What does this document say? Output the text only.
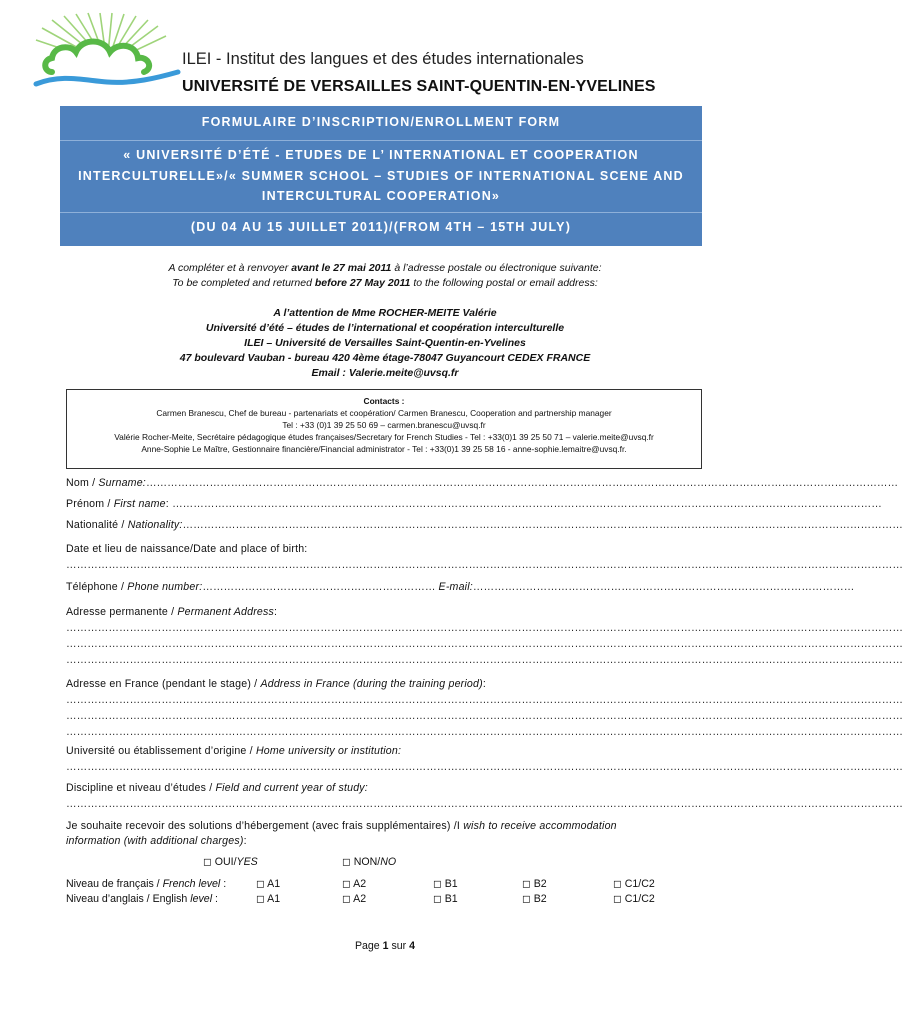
ILEI - Institut des langues et des études internationales
UNIVERSITÉ DE VERSAILLES SAINT-QUENTIN-EN-YVELINES
FORMULAIRE D’INSCRIPTION/ENROLLMENT FORM
« UNIVERSITÉ D’ÉTÉ - ETUDES DE L’ INTERNATIONAL ET COOPERATION
INTERCULTURELLE»/« SUMMER SCHOOL – STUDIES OF INTERNATIONAL SCENE AND
INTERCULTURAL COOPERATION»
(DU 04 AU 15 JUILLET 2011)/(FROM 4TH – 15TH JULY)
A compléter et à renvoyer avant le 27 mai 2011 à l’adresse postale ou électronique suivante:
To be completed and returned before 27 May 2011 to the following postal or email address:
A l’attention de Mme ROCHER-MEITE Valérie
Université d’été – études de l’international et coopération interculturelle
ILEI – Université de Versailles Saint-Quentin-en-Yvelines
47 boulevard Vauban - bureau 420 4ème étage-78047 Guyancourt CEDEX FRANCE
Email : Valerie.meite@uvsq.fr
Contacts :
Carmen Branescu, Chef de bureau - partenariats et coopération/ Carmen Branescu, Cooperation and partnership manager
Tel : +33 (0)1 39 25 50 69 – carmen.branescu@uvsq.fr
Valérie Rocher-Meite, Secrétaire pédagogique études françaises/Secretary for French Studies - Tel : +33(0)1 39 25 50 71 – valerie.meite@uvsq.fr
Anne-Sophie Le Maître, Gestionnaire financière/Financial administrator - Tel : +33(0)1 39 25 58 16 - anne-sophie.lemaitre@uvsq.fr.
Nom / Surname:……………………………………………………………………………………………………………………………………………………………………………………………
Prénom / First name: …………………………………………………………………………………………………………………………………………………………………………………
Nationalité / Nationality:……………………………………………………………………………………………………………………………………………………………………………………
Date et lieu de naissance/Date and place of birth:
…………………………………………………………………………………………………………………………………………………………………………………………………………………
Téléphone / Phone number:………………………………………………………… E-mail:………………………………………………………………………………………………
Adresse permanente / Permanent Address:
…………………………………………………………………………………………………………………………………………………………………………………………………………………
…………………………………………………………………………………………………………………………………………………………………………………………………………………
…………………………………………………………………………………………………………………………………………………………………………………………………………………
Adresse en France (pendant le stage) / Address in France (during the training period):
…………………………………………………………………………………………………………………………………………………………………………………………………………………
…………………………………………………………………………………………………………………………………………………………………………………………………………………
…………………………………………………………………………………………………………………………………………………………………………………………………………………
Université ou établissement d’origine / Home university or institution:
…………………………………………………………………………………………………………………………………………………………………………………………………………………
Discipline et niveau d’études / Field and current year of study:
…………………………………………………………………………………………………………………………………………………………………………………………………………………
Je souhaite recevoir des solutions d’hébergement (avec frais supplémentaires) /I wish to receive accommodation
information (with additional charges):
◻ OUI/YES	◻ NON/NO
Niveau de français / French level :	◻ A1	◻ A2	◻ B1	◻ B2	◻ C1/C2
Niveau d’anglais / English level :	◻ A1	◻ A2	◻ B1	◻ B2	◻ C1/C2
Page 1 sur 4
